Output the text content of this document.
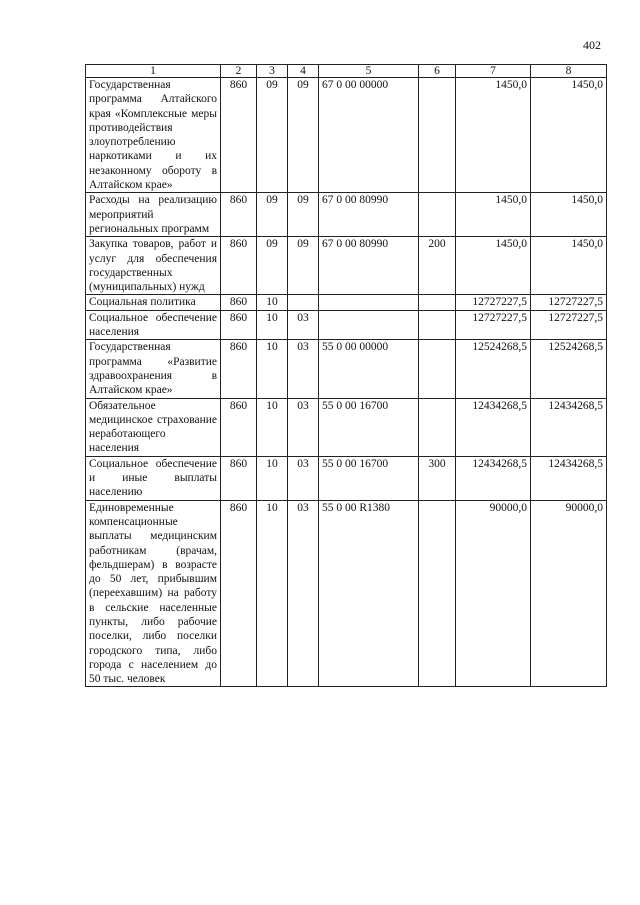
402
1	2	3	4	5	6	7	8
Государственная программа Алтайского края «Комплексные меры противодействия злоупотреблению наркотиками и их незаконному обороту в Алтайском крае»	860	09	09	67 0 00 00000		1450,0	1450,0
Расходы на реализацию мероприятий региональных программ	860	09	09	67 0 00 80990		1450,0	1450,0
Закупка товаров, работ и услуг для обеспечения государственных (муниципальных) нужд	860	09	09	67 0 00 80990	200	1450,0	1450,0
Социальная политика	860	10				12727227,5	12727227,5
Социальное обеспечение населения	860	10	03			12727227,5	12727227,5
Государственная программа «Развитие здравоохранения в Алтайском крае»	860	10	03	55 0 00 00000		12524268,5	12524268,5
Обязательное медицинское страхование неработающего населения	860	10	03	55 0 00 16700		12434268,5	12434268,5
Социальное обеспечение и иные выплаты населению	860	10	03	55 0 00 16700	300	12434268,5	12434268,5
Единовременные компенсационные выплаты медицинским работникам (врачам, фельдшерам) в возрасте до 50 лет, прибывшим (переехавшим) на работу в сельские населенные пункты, либо рабочие поселки, либо поселки городского типа, либо города с населением до 50 тыс. человек	860	10	03	55 0 00 R1380		90000,0	90000,0
